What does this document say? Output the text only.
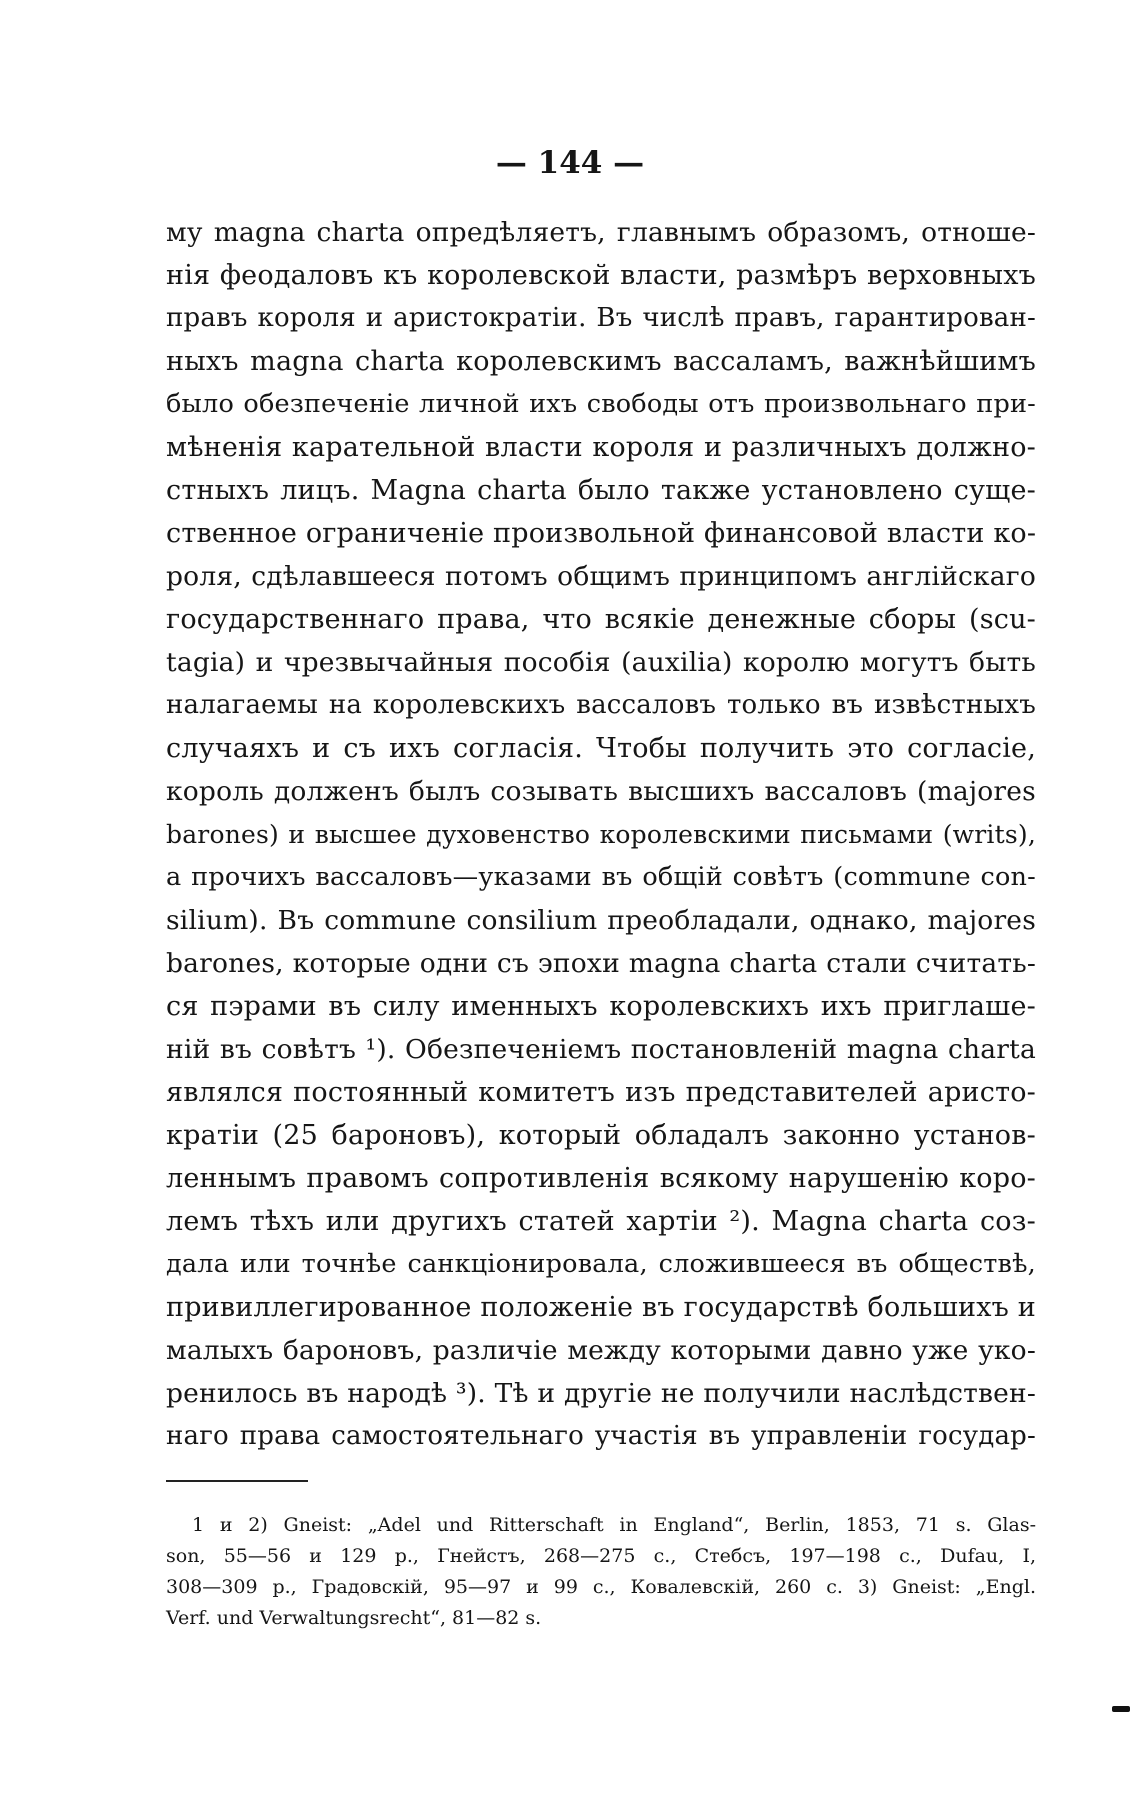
— 144 —
му magna charta опредѣляетъ, главнымъ образомъ, отноше-
нія феодаловъ къ королевской власти, размѣръ верховныхъ
правъ короля и аристократіи. Въ числѣ правъ, гарантирован-
ныхъ magna charta королевскимъ вассаламъ, важнѣйшимъ
было обезпеченіе личной ихъ свободы отъ произвольнаго при-
мѣненія карательной власти короля и различныхъ должно-
стныхъ лицъ. Magna charta было также установлено суще-
ственное ограниченіе произвольной финансовой власти ко-
роля, сдѣлавшееся потомъ общимъ принципомъ англійскаго
государственнаго права, что всякіе денежные сборы (scu-
tagia) и чрезвычайныя пособія (auxilia) королю могутъ быть
налагаемы на королевскихъ вассаловъ только въ извѣстныхъ
случаяхъ и съ ихъ согласія. Чтобы получить это согласіе,
король долженъ былъ созывать высшихъ вассаловъ (majores
barones) и высшее духовенство королевскими письмами (writs),
а прочихъ вассаловъ—указами въ общій совѣтъ (commune con-
silium). Въ commune consilium преобладали, однако, majores
barones, которые одни съ эпохи magna charta стали считать-
ся пэрами въ силу именныхъ королевскихъ ихъ приглаше-
ній въ совѣтъ ¹). Обезпеченіемъ постановленій magna charta
являлся постоянный комитетъ изъ представителей аристо-
кратіи (25 бароновъ), который обладалъ законно установ-
леннымъ правомъ сопротивленія всякому нарушенію коро-
лемъ тѣхъ или другихъ статей хартіи ²). Magna charta соз-
дала или точнѣе санкціонировала, сложившееся въ обществѣ,
привиллегированное положеніе въ государствѣ большихъ и
малыхъ бароновъ, различіе между которыми давно уже уко-
ренилось въ народѣ ³). Тѣ и другіе не получили наслѣдствен-
наго права самостоятельнаго участія въ управленіи государ-
1 и 2) Gneist: „Adel und Ritterschaft in England“, Berlin, 1853, 71 s. Glas-
son, 55—56 и 129 p., Гнейстъ, 268—275 с., Стебсъ, 197—198 с., Dufau, I,
308—309 p., Градовскій, 95—97 и 99 с., Ковалевскій, 260 с. 3) Gneist: „Engl.
Verf. und Verwaltungsrecht“, 81—82 s.
